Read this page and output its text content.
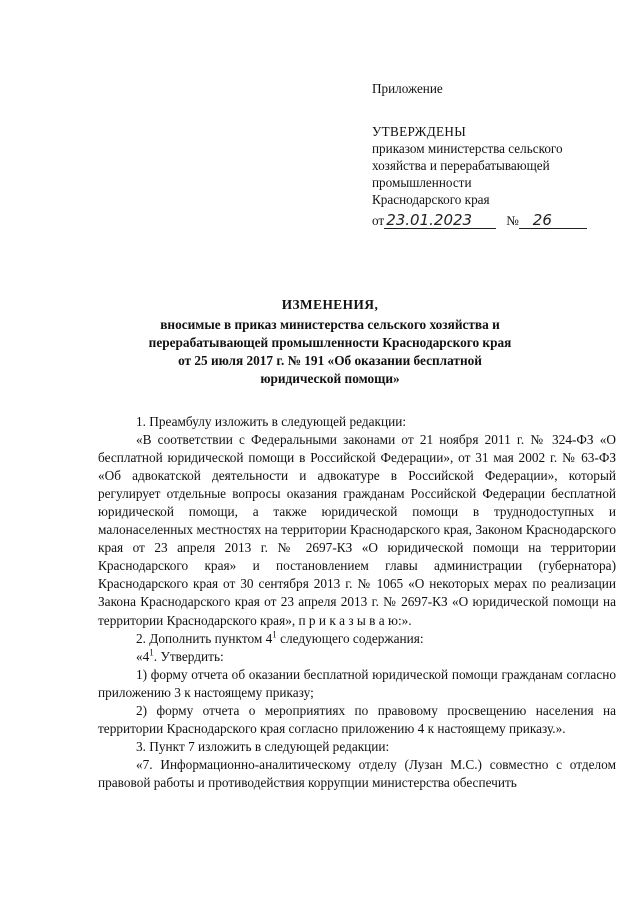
Приложение

УТВЕРЖДЕНЫ

приказом министерства сельского

хозяйства и перерабатывающей

промышленности

Краснодарского края

от 23.01.2023	№ 26

ИЗМЕНЕНИЯ,

вносимые в приказ министерства сельского хозяйства и

перерабатывающей промышленности Краснодарского края

от 25 июля 2017 г. № 191 «Об оказании бесплатной

юридической помощи»

1. Преамбулу изложить в следующей редакции:

«В соответствии с Федеральными законами от 21 ноября 2011 г. № 324-ФЗ «О бесплатной юридической помощи в Российской Федерации», от 31 мая 2002 г. № 63-ФЗ «Об адвокатской деятельности и адвокатуре в Российской Федерации», который регулирует отдельные вопросы оказания гражданам Российской Федерации бесплатной юридической помощи, а также юридической помощи в труднодоступных и малонаселенных местностях на территории Краснодарского края, Законом Краснодарского края от 23 апреля 2013 г. № 2697-КЗ «О юридической помощи на территории Краснодарского края» и постановлением главы администрации (губернатора) Краснодарского края от 30 сентября 2013 г. № 1065 «О некоторых мерах по реализации Закона Краснодарского края от 23 апреля 2013 г. № 2697-КЗ «О юридической помощи на территории Краснодарского края», п р и к а з ы в а ю:».

2. Дополнить пунктом $4^1$ следующего содержания:

«$4^1$. Утвердить:

1) форму отчета об оказании бесплатной юридической помощи гражданам согласно приложению 3 к настоящему приказу;

2) форму отчета о мероприятиях по правовому просвещению населения на территории Краснодарского края согласно приложению 4 к настоящему приказу.».

3. Пункт 7 изложить в следующей редакции:

«7. Информационно-аналитическому отделу (Лузан М.С.) совместно с отделом правовой работы и противодействия коррупции министерства обеспечить
